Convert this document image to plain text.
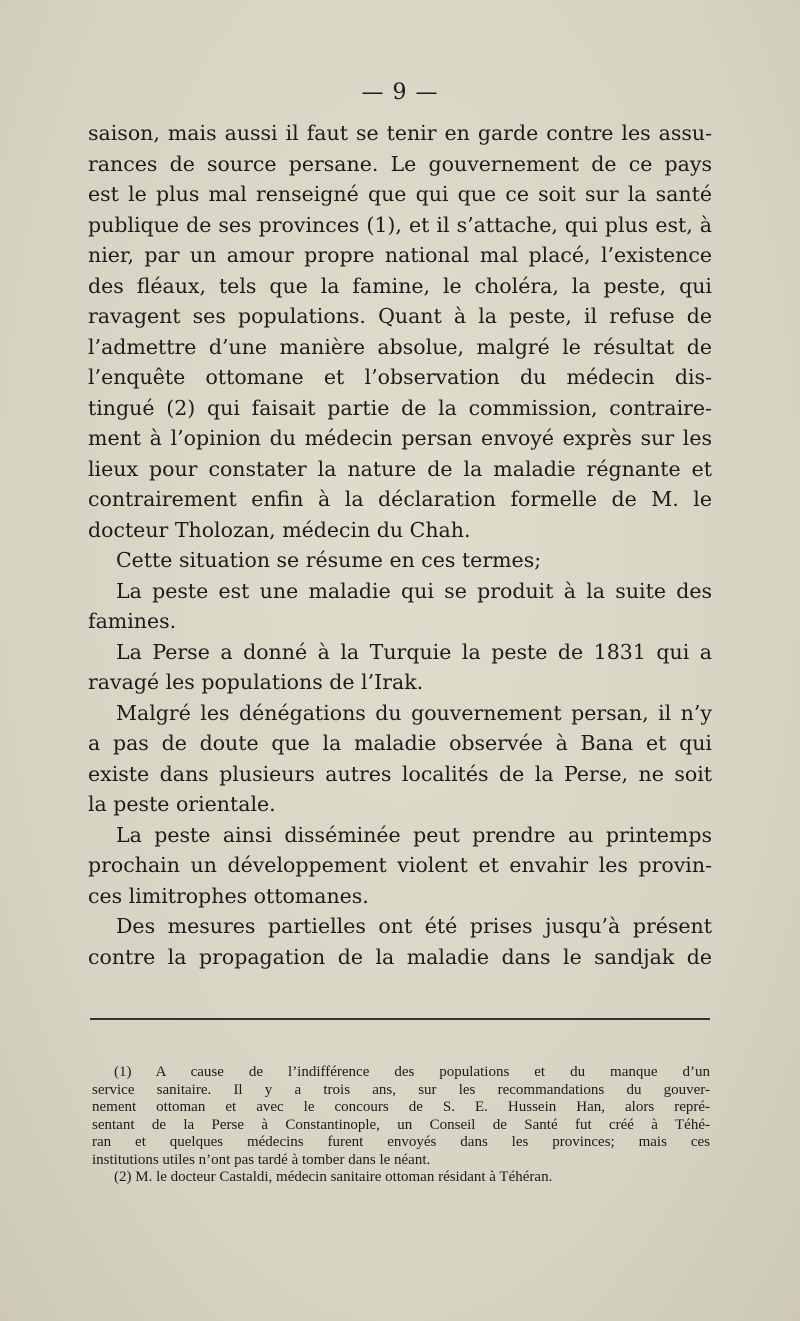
— 9 —
saison, mais aussi il faut se tenir en garde contre les assu-
rances de source persane. Le gouvernement de ce pays
est le plus mal renseigné que qui que ce soit sur la santé
publique de ses provinces (1), et il s’attache, qui plus est, à
nier, par un amour propre national mal placé, l’existence
des fléaux, tels que la famine, le choléra, la peste, qui
ravagent ses populations. Quant à la peste, il refuse de
l’admettre d’une manière absolue, malgré le résultat de
l’enquête ottomane et l’observation du médecin dis-
tingué (2) qui faisait partie de la commission, contraire-
ment à l’opinion du médecin persan envoyé exprès sur les
lieux pour constater la nature de la maladie régnante et
contrairement enfin à la déclaration formelle de M. le
docteur Tholozan, médecin du Chah.
Cette situation se résume en ces termes;
La peste est une maladie qui se produit à la suite des
famines.
La Perse a donné à la Turquie la peste de 1831 qui a
ravagé les populations de l’Irak.
Malgré les dénégations du gouvernement persan, il n’y
a pas de doute que la maladie observée à Bana et qui
existe dans plusieurs autres localités de la Perse, ne soit
la peste orientale.
La peste ainsi disséminée peut prendre au printemps
prochain un développement violent et envahir les provin-
ces limitrophes ottomanes.
Des mesures partielles ont été prises jusqu’à présent
contre la propagation de la maladie dans le sandjak de
(1) A cause de l’indifférence des populations et du manque d’un
service sanitaire. Il y a trois ans, sur les recommandations du gouver-
nement ottoman et avec le concours de S. E. Hussein Han, alors repré-
sentant de la Perse à Constantinople, un Conseil de Santé fut créé à Téhé-
ran et quelques médecins furent envoyés dans les provinces; mais ces
institutions utiles n’ont pas tardé à tomber dans le néant.
(2) M. le docteur Castaldi, médecin sanitaire ottoman résidant à Téhéran.
